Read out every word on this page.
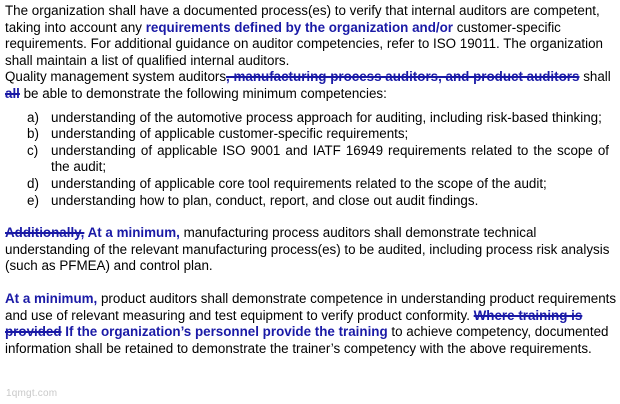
The organization shall have a documented process(es) to verify that internal auditors are competent, taking into account any requirements defined by the organization and/or customer-specific requirements. For additional guidance on auditor competencies, refer to ISO 19011. The organization shall maintain a list of qualified internal auditors.

Quality management system auditors, manufacturing process auditors, and product auditors shall all be able to demonstrate the following minimum competencies:

a) understanding of the automotive process approach for auditing, including risk-based thinking;
b) understanding of applicable customer-specific requirements;
c) understanding of applicable ISO 9001 and IATF 16949 requirements related to the scope of the audit;
d) understanding of applicable core tool requirements related to the scope of the audit;
e) understanding how to plan, conduct, report, and close out audit findings.

Additionally, At a minimum, manufacturing process auditors shall demonstrate technical understanding of the relevant manufacturing process(es) to be audited, including process risk analysis (such as PFMEA) and control plan.

At a minimum, product auditors shall demonstrate competence in understanding product requirements and use of relevant measuring and test equipment to verify product conformity. Where training is provided If the organization’s personnel provide the training to achieve competency, documented information shall be retained to demonstrate the trainer’s competency with the above requirements.

1qmgt.com
